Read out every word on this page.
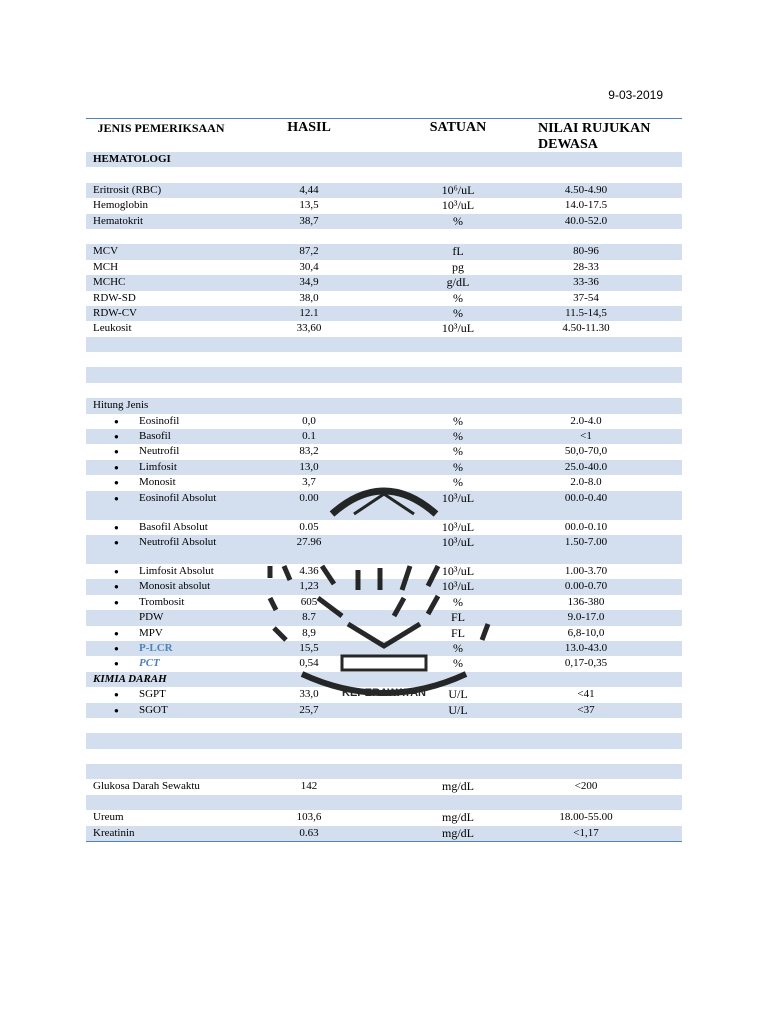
9-03-2019
JENIS PEMERIKSAAN	HASIL	SATUAN	NILAI RUJUKAN DEWASA
HEMATOLOGI
Eritrosit (RBC)	4,44	10⁶/uL	4.50-4.90
Hemoglobin	13,5	10³/uL	14.0-17.5
Hematokrit	38,7	%	40.0-52.0
MCV	87,2	fL	80-96
MCH	30,4	pg	28-33
MCHC	34,9	g/dL	33-36
RDW-SD	38,0	%	37-54
RDW-CV	12.1	%	11.5-14,5
Leukosit	33,60	10³/uL	4.50-11.30
Hitung Jenis
● Eosinofil	0,0	%	2.0-4.0
● Basofil	0.1	%	<1
● Neutrofil	83,2	%	50,0-70,0
● Limfosit	13,0	%	25.0-40.0
● Monosit	3,7	%	2.0-8.0
● Eosinofil Absolut	0.00	10³/uL	00.0-0.40
● Basofil Absolut	0.05	10³/uL	00.0-0.10
● Neutrofil Absolut	27.96	10³/uL	1.50-7.00
● Limfosit Absolut	4.36	10³/uL	1.00-3.70
● Monosit absolut	1,23	10³/uL	0.00-0.70
● Trombosit	605	%	136-380
PDW	8.7	FL	9.0-17.0
● MPV	8,9	FL	6,8-10,0
● P-LCR	15,5	%	13.0-43.0
● PCT	0,54	%	0,17-0,35
KIMIA DARAH
● SGPT	33,0	U/L	<41
● SGOT	25,7	U/L	<37
Glukosa Darah Sewaktu	142	mg/dL	<200
Ureum	103,6	mg/dL	18.00-55.00
Kreatinin	0.63	mg/dL	<1,17
KEPERAWATAN
